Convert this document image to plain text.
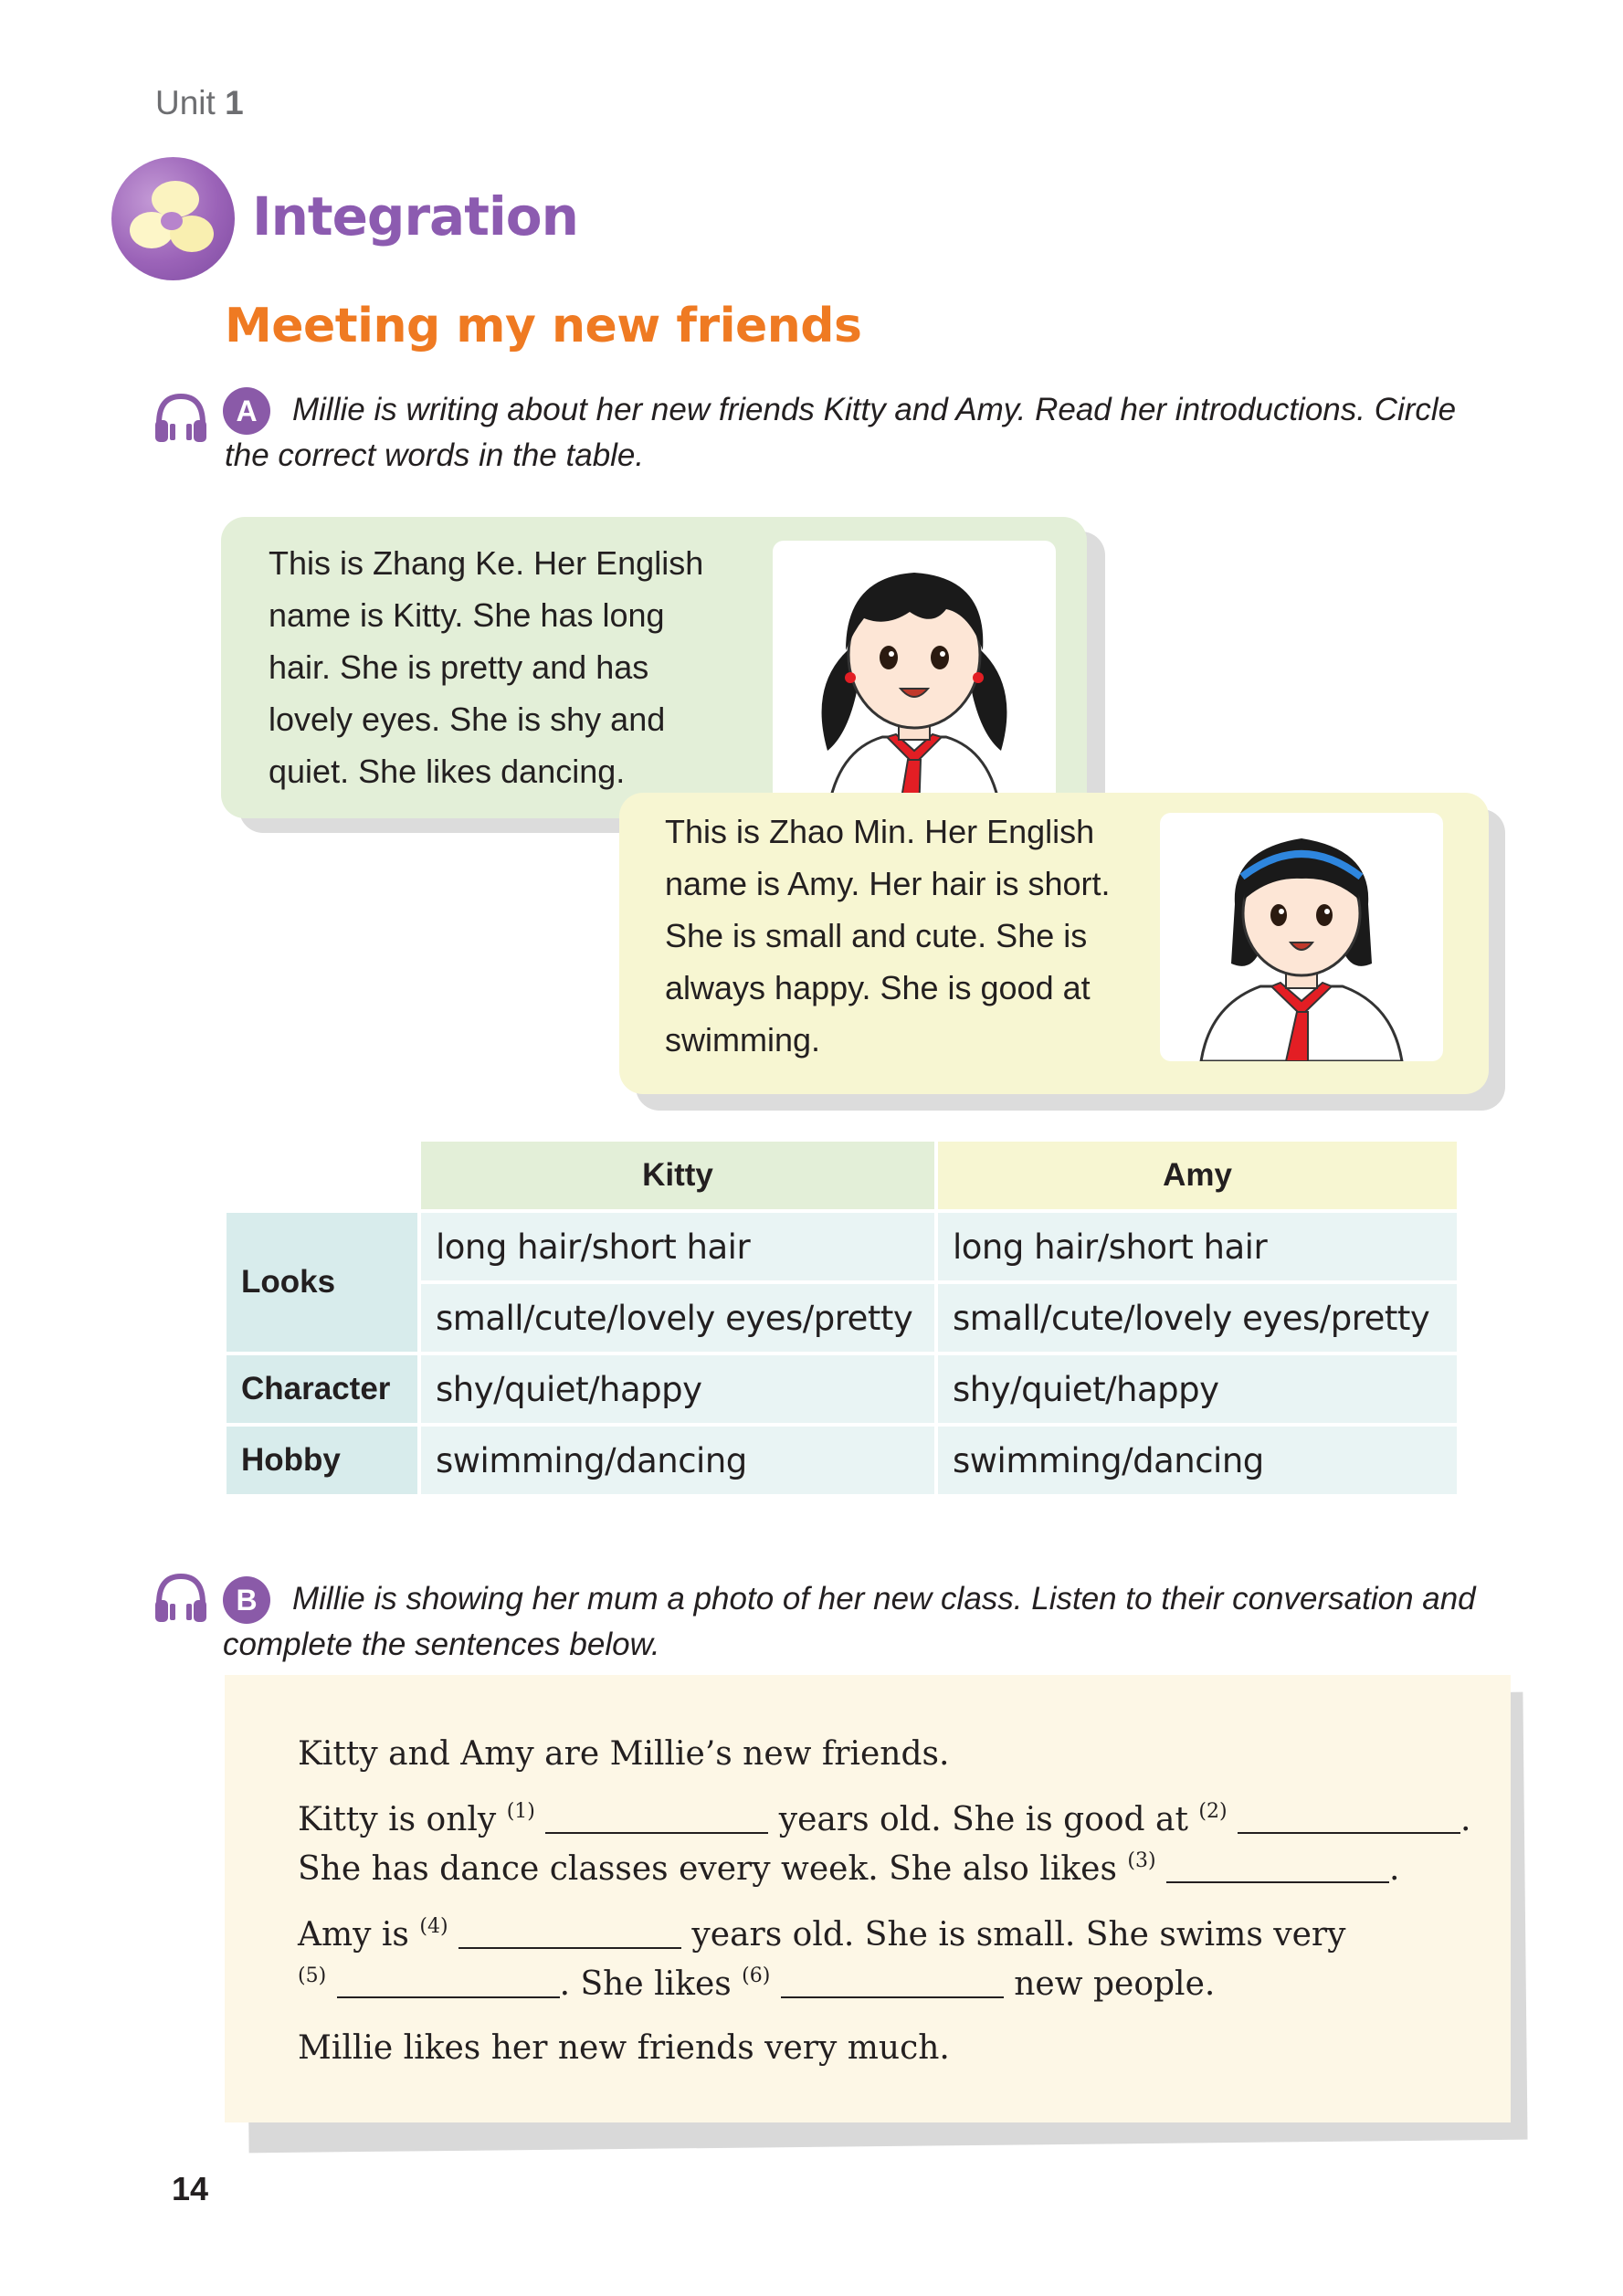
Unit 1
Integration
Meeting my new friends
A	Millie is writing about her new friends Kitty and Amy. Read her introductions. Circle
the correct words in the table.
This is Zhang Ke. Her English
name is Kitty. She has long
hair. She is pretty and has
lovely eyes. She is shy and
quiet. She likes dancing.
This is Zhao Min. Her English
name is Amy. Her hair is short.
She is small and cute. She is
always happy. She is good at
swimming.
	Kitty	Amy
Looks	long hair/short hair	long hair/short hair
	small/cute/lovely eyes/pretty	small/cute/lovely eyes/pretty
Character	shy/quiet/happy	shy/quiet/happy
Hobby	swimming/dancing	swimming/dancing
B	Millie is showing her mum a photo of her new class. Listen to their conversation and
complete the sentences below.
Kitty and Amy are Millie’s new friends.
Kitty is only $^{(1)}$	years old. She is good at $^{(2)}$	.
She has dance classes every week. She also likes $^{(3)}$	.
Amy is $^{(4)}$	years old. She is small. She swims very
$^{(5)}$	. She likes $^{(6)}$	new people.
Millie likes her new friends very much.
14
